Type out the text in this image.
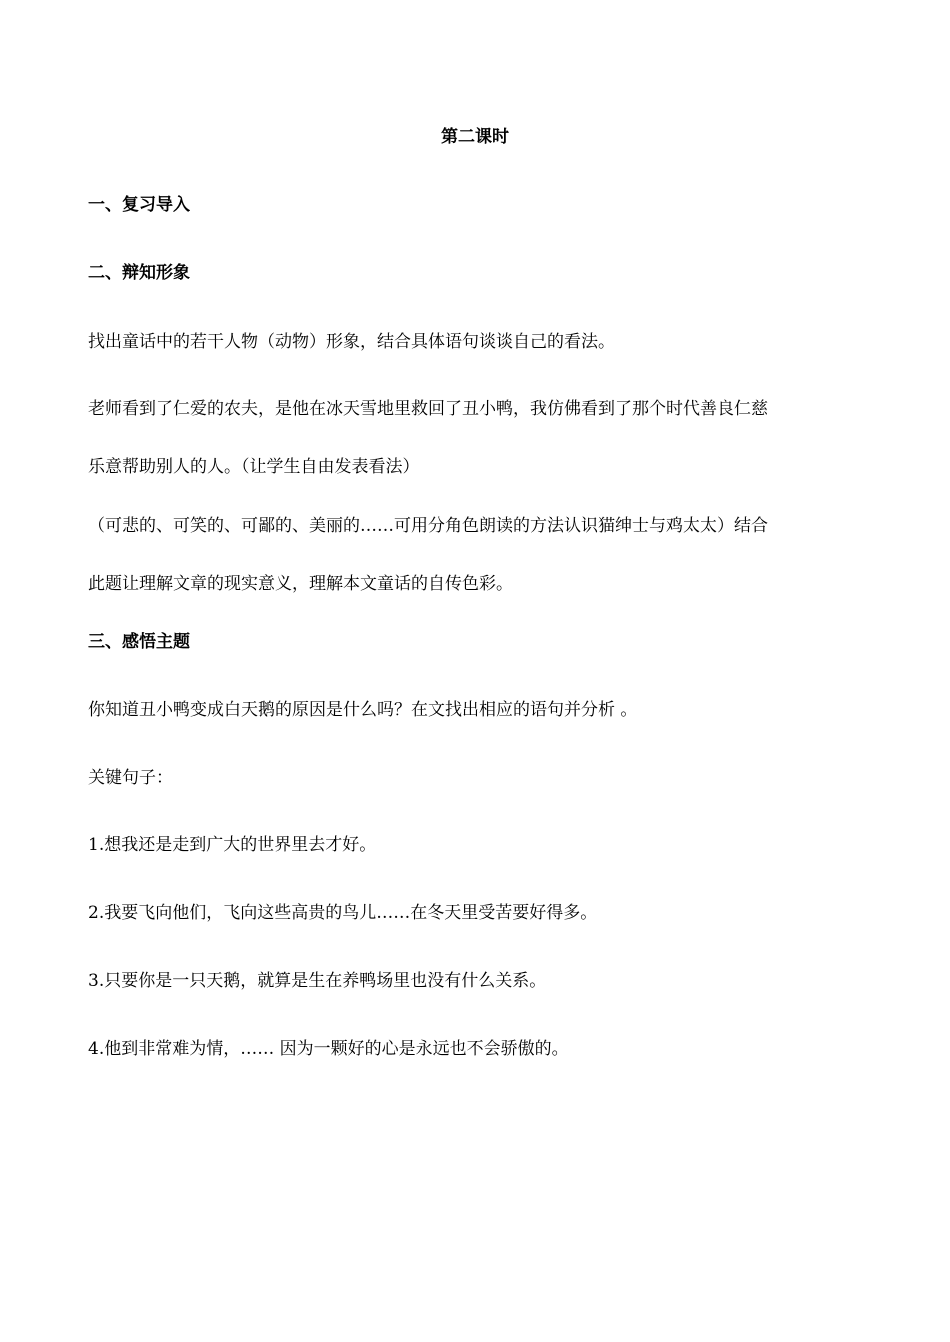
第二课时
一、复习导入
二、辩知形象
找出童话中的若干人物（动物）形象，结合具体语句谈谈自己的看法。
老师看到了仁爱的农夫，是他在冰天雪地里救回了丑小鸭，我仿佛看到了那个时代善良仁慈
乐意帮助别人的人。（让学生自由发表看法）
（可悲的、可笑的、可鄙的、美丽的……可用分角色朗读的方法认识猫绅士与鸡太太）结合
此题让理解文章的现实意义，理解本文童话的自传色彩。
三、感悟主题
你知道丑小鸭变成白天鹅的原因是什么吗？在文找出相应的语句并分析 。
关键句子：
1.想我还是走到广大的世界里去才好。
2.我要飞向他们，飞向这些高贵的鸟儿……在冬天里受苦要好得多。
3.只要你是一只天鹅，就算是生在养鸭场里也没有什么关系。
4.他到非常难为情，…… 因为一颗好的心是永远也不会骄傲的。
